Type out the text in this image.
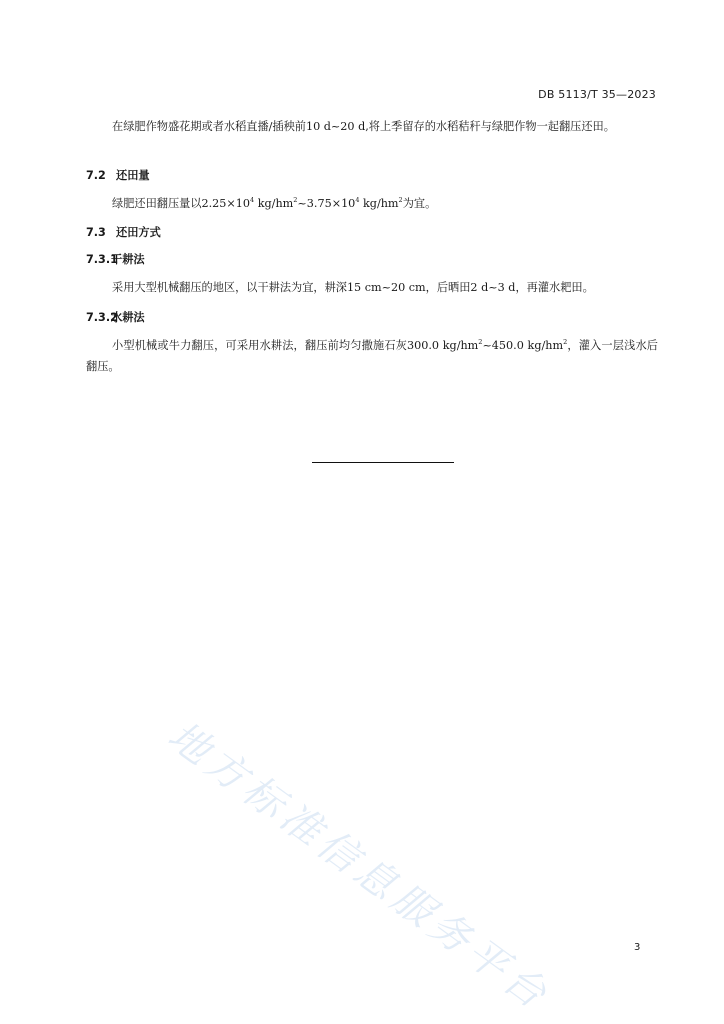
DB 5113/T 35—2023
在绿肥作物盛花期或者水稻直播/插秧前10 d~20 d,将上季留存的水稻秸秆与绿肥作物一起翻压还田。
7.2 还田量
绿肥还田翻压量以$2.25\times 10^4$ $kg/hm^2\sim 3.75\times 10^4$ $kg/hm^2$为宜。
7.3 还田方式
7.3.1干耕法
采用大型机械翻压的地区，以干耕法为宜，耕深15 cm~20 cm，后晒田2 d~3 d，再灌水耙田。
7.3.2水耕法
小型机械或牛力翻压，可采用水耕法，翻压前均匀撒施石灰300.0 $kg/hm^2\sim 450.0$ $kg/hm^2$，灌入一层浅水后翻压。
地方标准信息服务平台	3
